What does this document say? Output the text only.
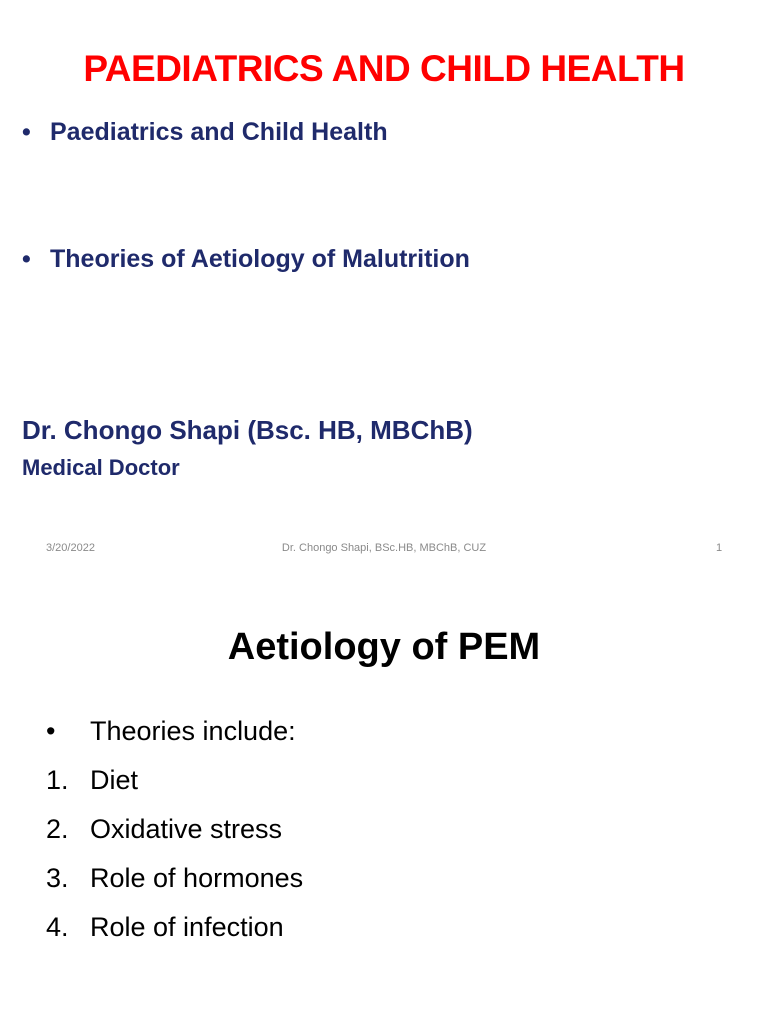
PAEDIATRICS AND CHILD HEALTH
• Paediatrics and Child Health
• Theories of Aetiology of Malutrition
Dr. Chongo Shapi (Bsc. HB, MBChB)
Medical Doctor
3/20/2022	Dr. Chongo Shapi, BSc.HB, MBChB, CUZ	1
Aetiology of PEM
• Theories include:
1. Diet
2. Oxidative stress
3. Role of hormones
4. Role of infection
